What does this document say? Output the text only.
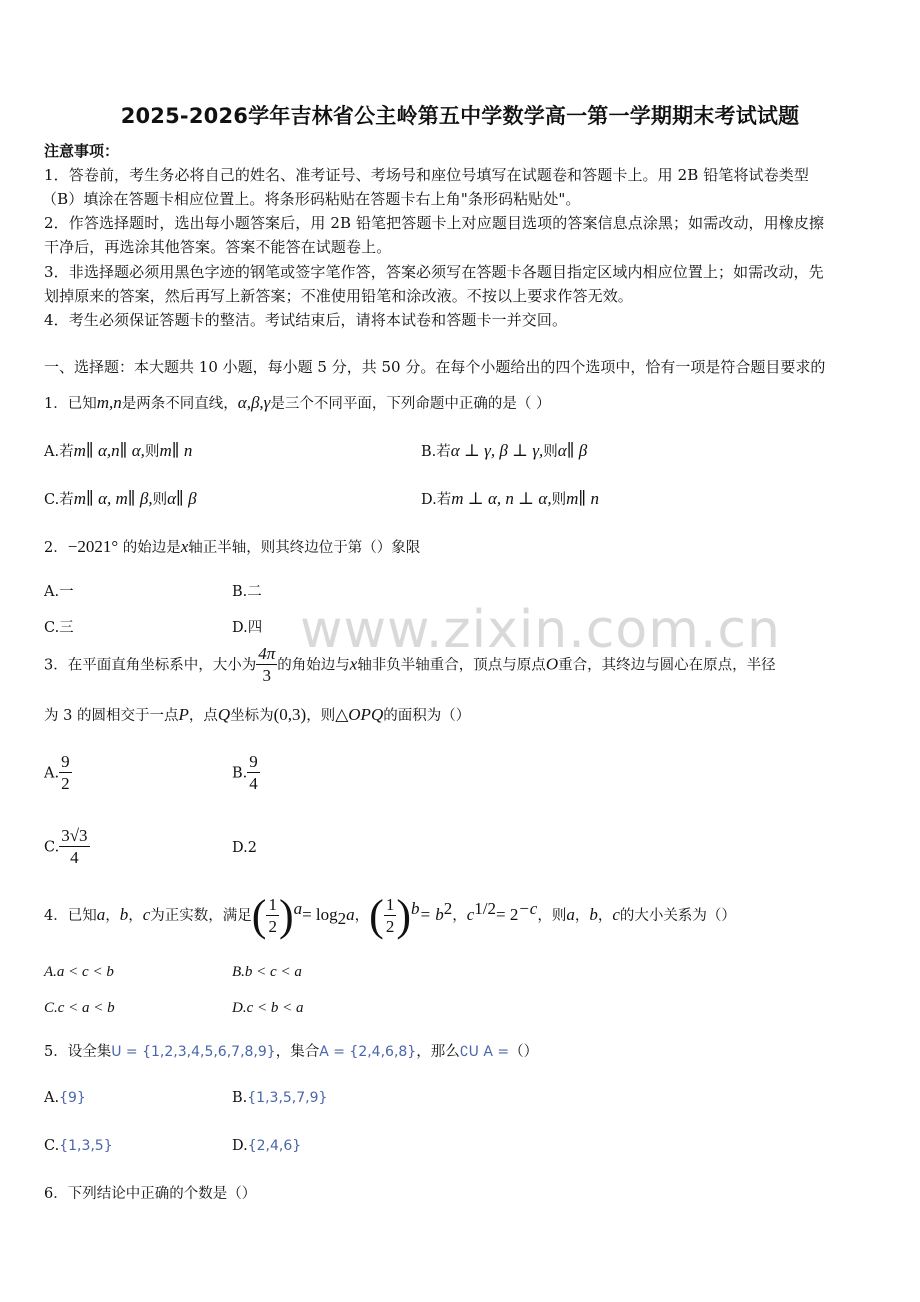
2025-2026学年吉林省公主岭第五中学数学高一第一学期期末考试试题
注意事项：
1．答卷前，考生务必将自己的姓名、准考证号、考场号和座位号填写在试题卷和答题卡上。用 2B 铅笔将试卷类型
（B）填涂在答题卡相应位置上。将条形码粘贴在答题卡右上角"条形码粘贴处"。
2．作答选择题时，选出每小题答案后，用 2B 铅笔把答题卡上对应题目选项的答案信息点涂黑；如需改动，用橡皮擦
干净后，再选涂其他答案。答案不能答在试题卷上。
3．非选择题必须用黑色字迹的钢笔或签字笔作答，答案必须写在答题卡各题目指定区域内相应位置上；如需改动，先
划掉原来的答案，然后再写上新答案；不准使用铅笔和涂改液。不按以上要求作答无效。
4．考生必须保证答题卡的整洁。考试结束后，请将本试卷和答题卡一并交回。
一、选择题：本大题共 10 小题，每小题 5 分，共 50 分。在每个小题给出的四个选项中，恰有一项是符合题目要求的
1．已知m,n是两条不同直线，α,β,γ是三个不同平面，下列命题中正确的是（ ）
A.若m∥ α,n∥ α,则m∥ n	B.若α ⊥ γ, β ⊥ γ,则α∥ β
C.若m∥ α, m∥ β,则α∥ β	D.若m ⊥ α, n ⊥ α,则m∥ n
2．−2021° 的始边是x轴正半轴，则其终边位于第（）象限
A.一	B.二
C.三	D.四 www.zixin.com.cn
3．在平面直角坐标系中，大小为 $\frac{4\pi}{3}$ 的角始边与x轴非负半轴重合，顶点与原点O重合，其终边与圆心在原点，半径
为 3 的圆相交于一点P，点Q坐标为(0,3)，则△OPQ的面积为（）
A. $\frac{9}{2}$	B. $\frac{9}{4}$
C. $\frac{3√3}{4}$	D.2
4．已知a，b，c为正实数，满足( $\frac{1}{2} )^a= \log_2a$，( $\frac{1}{2} )^b= b^2$，$c^{1/2}= 2^{-c}$，则a，b，c的大小关系为（）
A.a < c < b	B.b < c < a
C.c < a < b	D.c < b < a
5．设全集U = {1,2,3,4,5,6,7,8,9}，集合A = {2,4,6,8}，那么∁U A =（）
A.{9}	B.{1,3,5,7,9}
C.{1,3,5}	D.{2,4,6}
6．下列结论中正确的个数是（）
